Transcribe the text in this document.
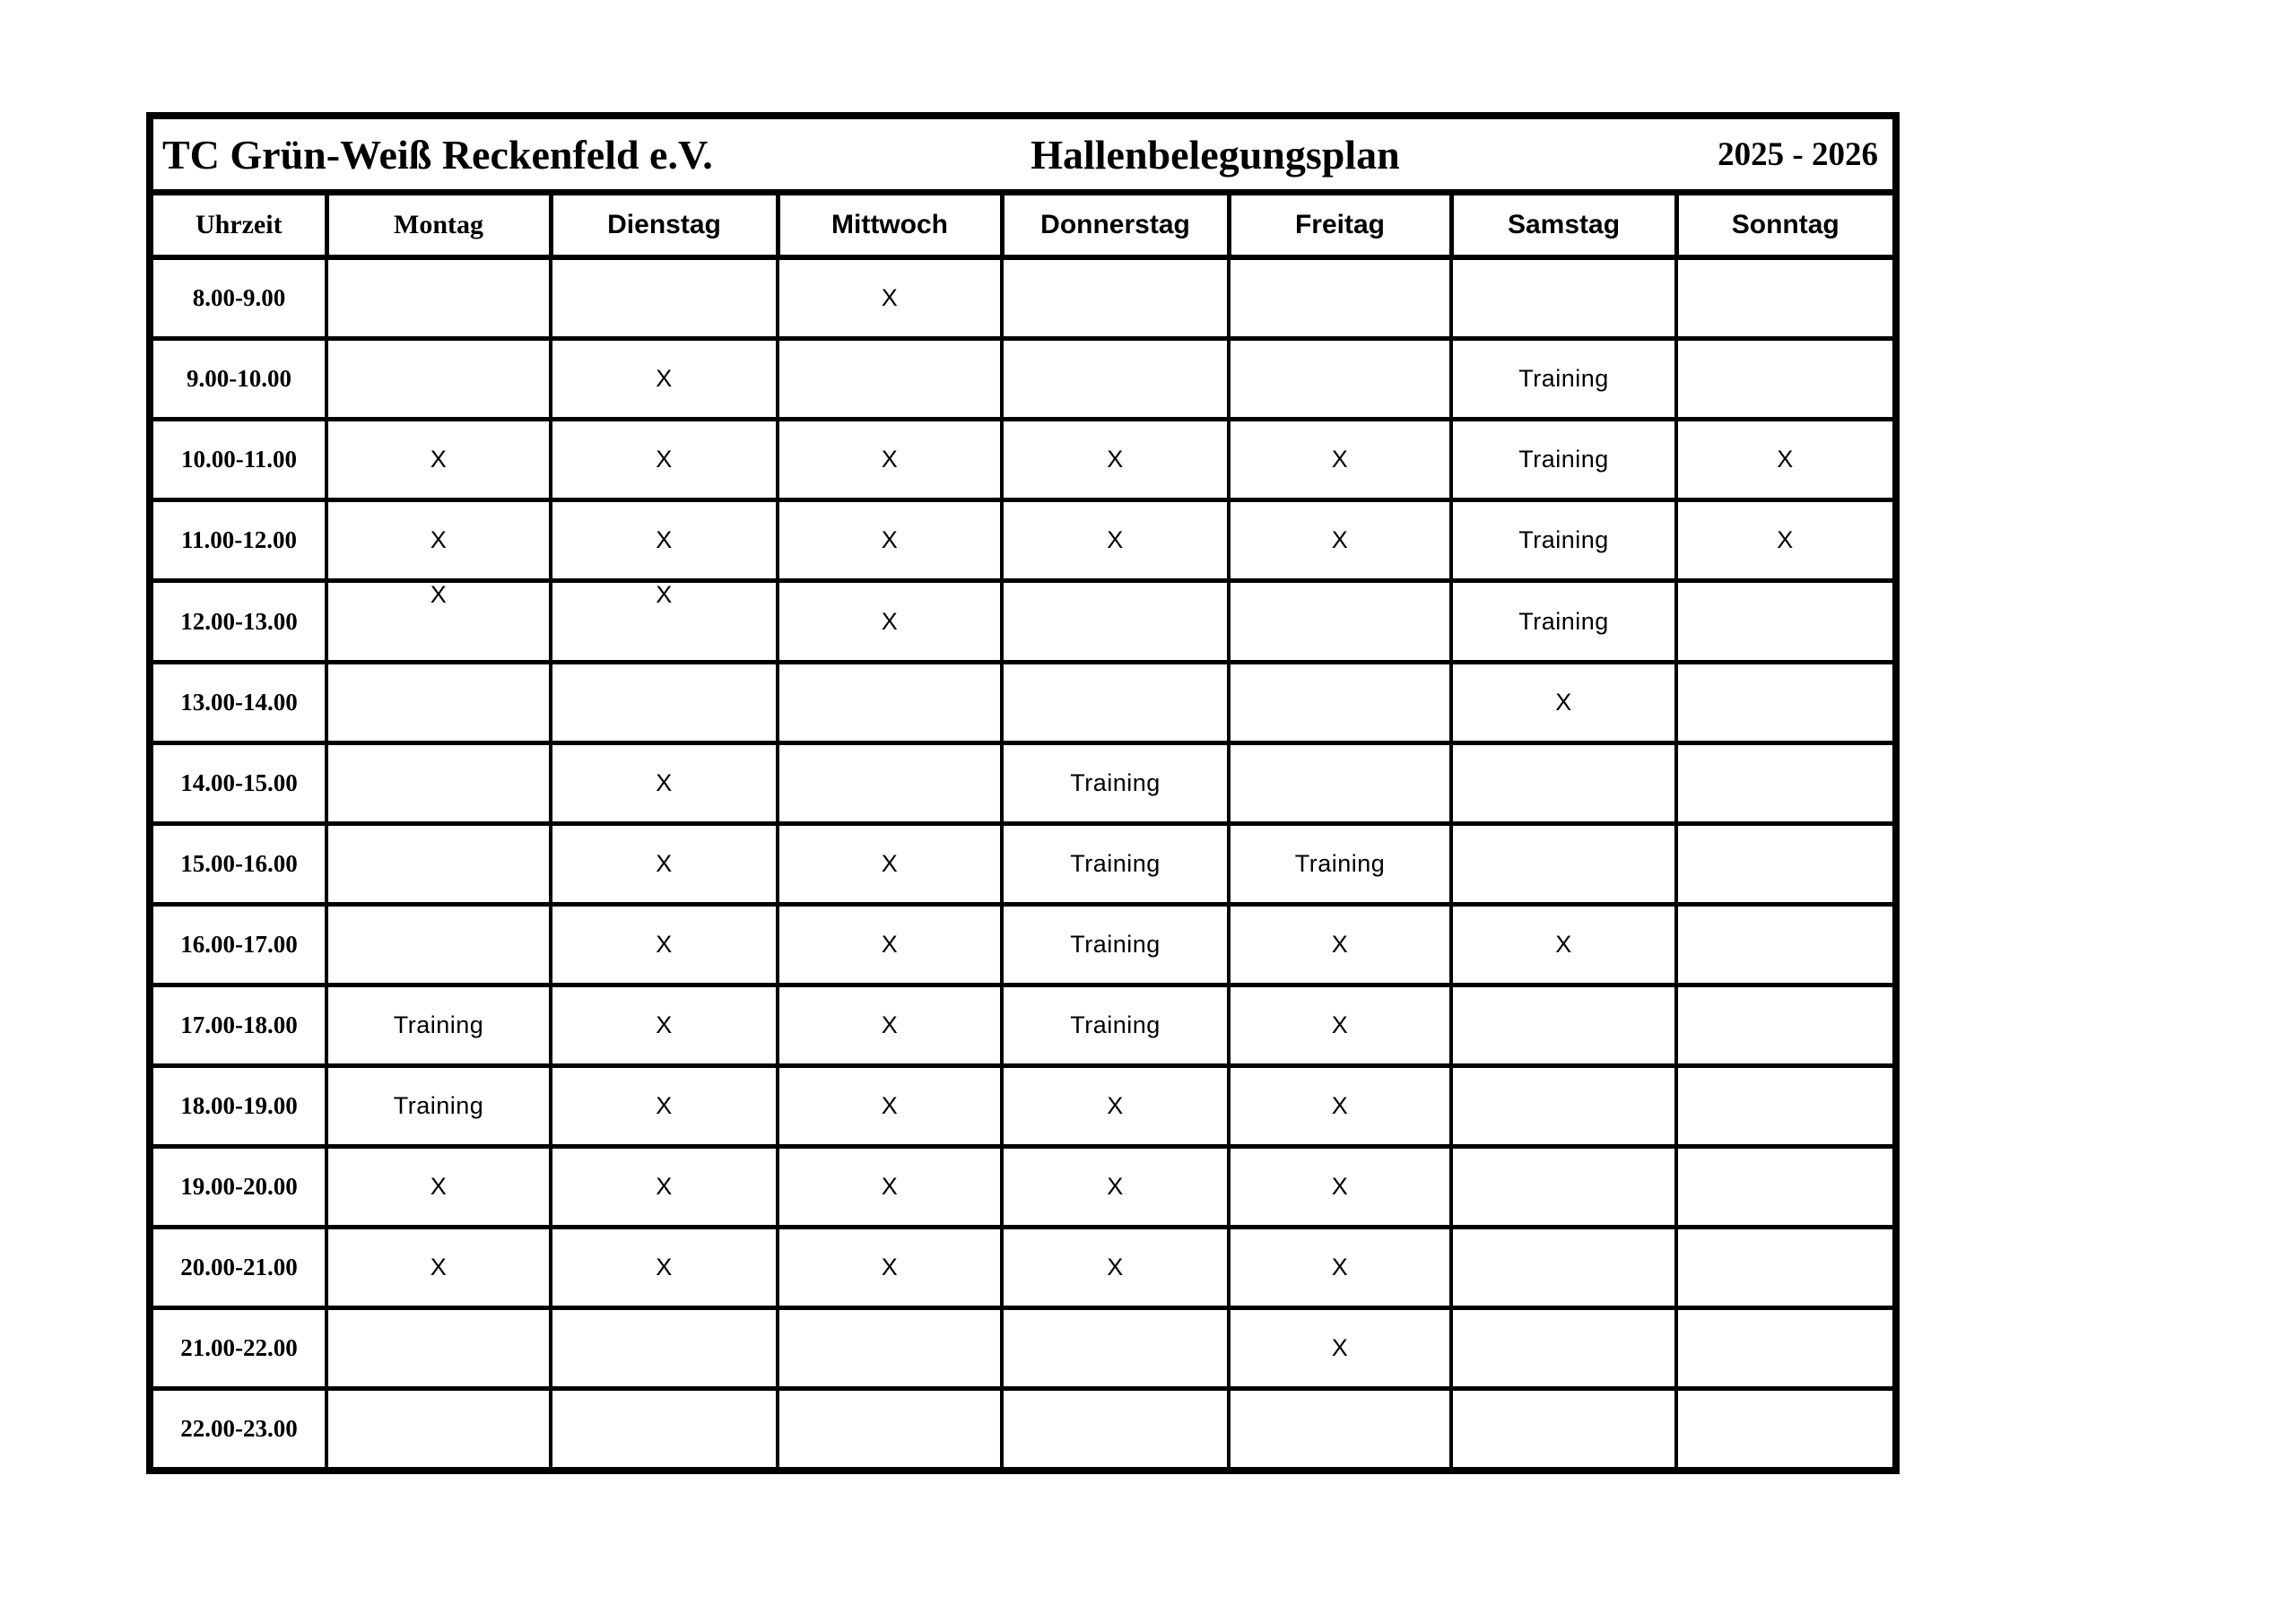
TC Grün-Weiß Reckenfeld e.V. Hallenbelegungsplan 2025 - 2026							

Uhrzeit	Montag	Dienstag	Mittwoch	Donnerstag	Freitag	Samstag	Sonntag
8.00-9.00			X				
9.00-10.00		X				Training	
10.00-11.00	X	X	X	X	X	Training	X
11.00-12.00	X	X	X	X	X	Training	X
12.00-13.00	X	X	X			Training	
13.00-14.00						X	
14.00-15.00		X		Training			
15.00-16.00		X	X	Training	Training		
16.00-17.00		X	X	Training	X	X	
17.00-18.00	Training	X	X	Training	X		
18.00-19.00	Training	X	X	X	X		
19.00-20.00	X	X	X	X	X		
20.00-21.00	X	X	X	X	X		
21.00-22.00					X		
22.00-23.00							
